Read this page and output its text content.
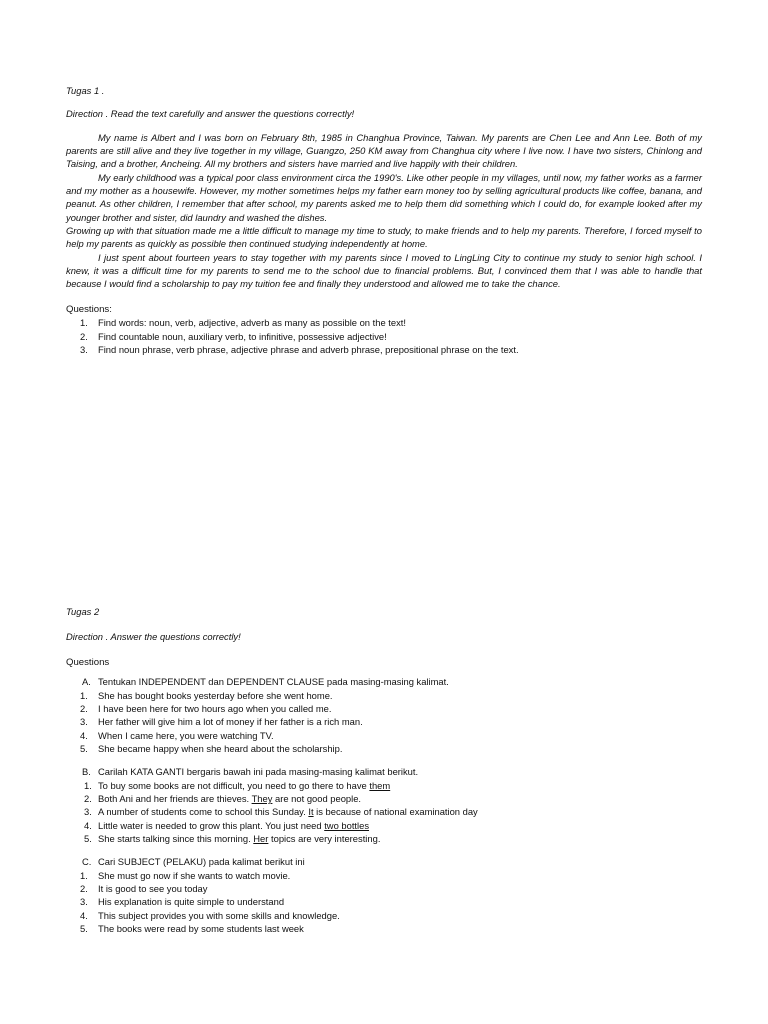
Tugas 1 .

Direction . Read the text carefully and answer the questions correctly!

My name is Albert and I was born on February 8th, 1985 in Changhua Province, Taiwan. My parents are Chen Lee and Ann Lee. Both of my parents are still alive and they live together in my village, Guangzo, 250 KM away from Changhua city where I live now. I have two sisters, Chinlong and Taising, and a brother, Ancheing. All my brothers and sisters have married and live happily with their children.

My early childhood was a typical poor class environment circa the 1990's. Like other people in my villages, until now, my father works as a farmer and my mother as a housewife. However, my mother sometimes helps my father earn money too by selling agricultural products like coffee, banana, and peanut. As other children, I remember that after school, my parents asked me to help them did something which I could do, for example looked after my younger brother and sister, did laundry and washed the dishes.

Growing up with that situation made me a little difficult to manage my time to study, to make friends and to help my parents. Therefore, I forced myself to help my parents as quickly as possible then continued studying independently at home.

I just spent about fourteen years to stay together with my parents since I moved to LingLing City to continue my study to senior high school. I knew, it was a difficult time for my parents to send me to the school due to financial problems. But, I convinced them that I was able to handle that because I would find a scholarship to pay my tuition fee and finally they understood and allowed me to take the chance.

Questions:

1. Find words: noun, verb, adjective, adverb as many as possible on the text!
2. Find countable noun, auxiliary verb, to infinitive, possessive adjective!
3. Find noun phrase, verb phrase, adjective phrase and adverb phrase, prepositional phrase on the text.

Tugas 2

Direction . Answer the questions correctly!

Questions

A. Tentukan INDEPENDENT dan DEPENDENT CLAUSE pada masing-masing kalimat.

1. She has bought books yesterday before she went home.
2. I have been here for two hours ago when you called me.
3. Her father will give him a lot of money if her father is a rich man.
4. When I came here, you were watching TV.
5. She became happy when she heard about the scholarship.

B. Carilah KATA GANTI bergaris bawah ini pada masing-masing kalimat berikut.

1. To buy some books are not difficult, you need to go there to have them
2. Both Ani and her friends are thieves. They are not good people.
3. A number of students come to school this Sunday. It is because of national examination day
4. Little water is needed to grow this plant. You just need two bottles
5. She starts talking since this morning. Her topics are very interesting.

C. Cari SUBJECT (PELAKU) pada kalimat berikut ini

1. She must go now if she wants to watch movie.
2. It is good to see you today
3. His explanation is quite simple to understand
4. This subject provides you with some skills and knowledge.
5. The books were read by some students last week
